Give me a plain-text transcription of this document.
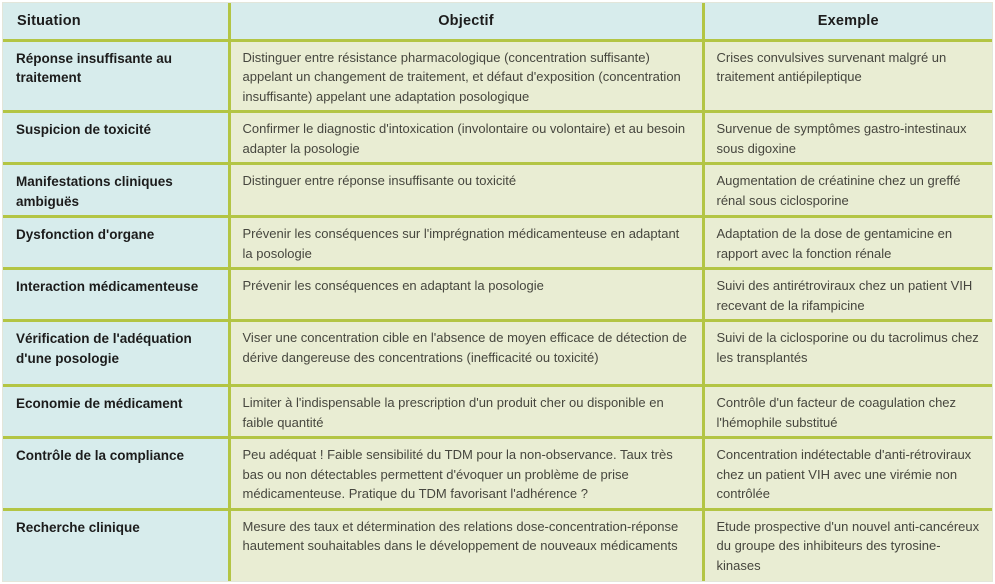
Situation	Objectif	Exemple
Réponse insuffisante au traitement	Distinguer entre résistance pharmacologique (concentration suffisante) appelant un changement de traitement, et défaut d'exposition (concentration insuffisante) appelant une adaptation posologique	Crises convulsives survenant malgré un traitement antiépileptique
Suspicion de toxicité	Confirmer le diagnostic d'intoxication (involontaire ou volontaire) et au besoin adapter la posologie	Survenue de symptômes gastro-intestinaux sous digoxine
Manifestations cliniques ambiguës	Distinguer entre réponse insuffisante ou toxicité	Augmentation de créatinine chez un greffé rénal sous ciclosporine
Dysfonction d'organe	Prévenir les conséquences sur l'imprégnation médicamenteuse en adaptant la posologie	Adaptation de la dose de gentamicine en rapport avec la fonction rénale
Interaction médicamenteuse	Prévenir les conséquences en adaptant la posologie	Suivi des antirétroviraux chez un patient VIH recevant de la rifampicine
Vérification de l'adéquation d'une posologie	Viser une concentration cible en l'absence de moyen efficace de détection de dérive dangereuse des concentrations (inefficacité ou toxicité)	Suivi de la ciclosporine ou du tacrolimus chez les transplantés
Economie de médicament	Limiter à l'indispensable la prescription d'un produit cher ou disponible en faible quantité	Contrôle d'un facteur de coagulation chez l'hémophile substitué
Contrôle de la compliance	Peu adéquat ! Faible sensibilité du TDM pour la non-observance. Taux très bas ou non détectables permettent d'évoquer un problème de prise médicamenteuse. Pratique du TDM favorisant l'adhérence ?	Concentration indétectable d'anti-rétroviraux chez un patient VIH avec une virémie non contrôlée
Recherche clinique	Mesure des taux et détermination des relations dose-concentration-réponse hautement souhaitables dans le développement de nouveaux médicaments	Etude prospective d'un nouvel anti-cancéreux du groupe des inhibiteurs des tyrosine-kinases
